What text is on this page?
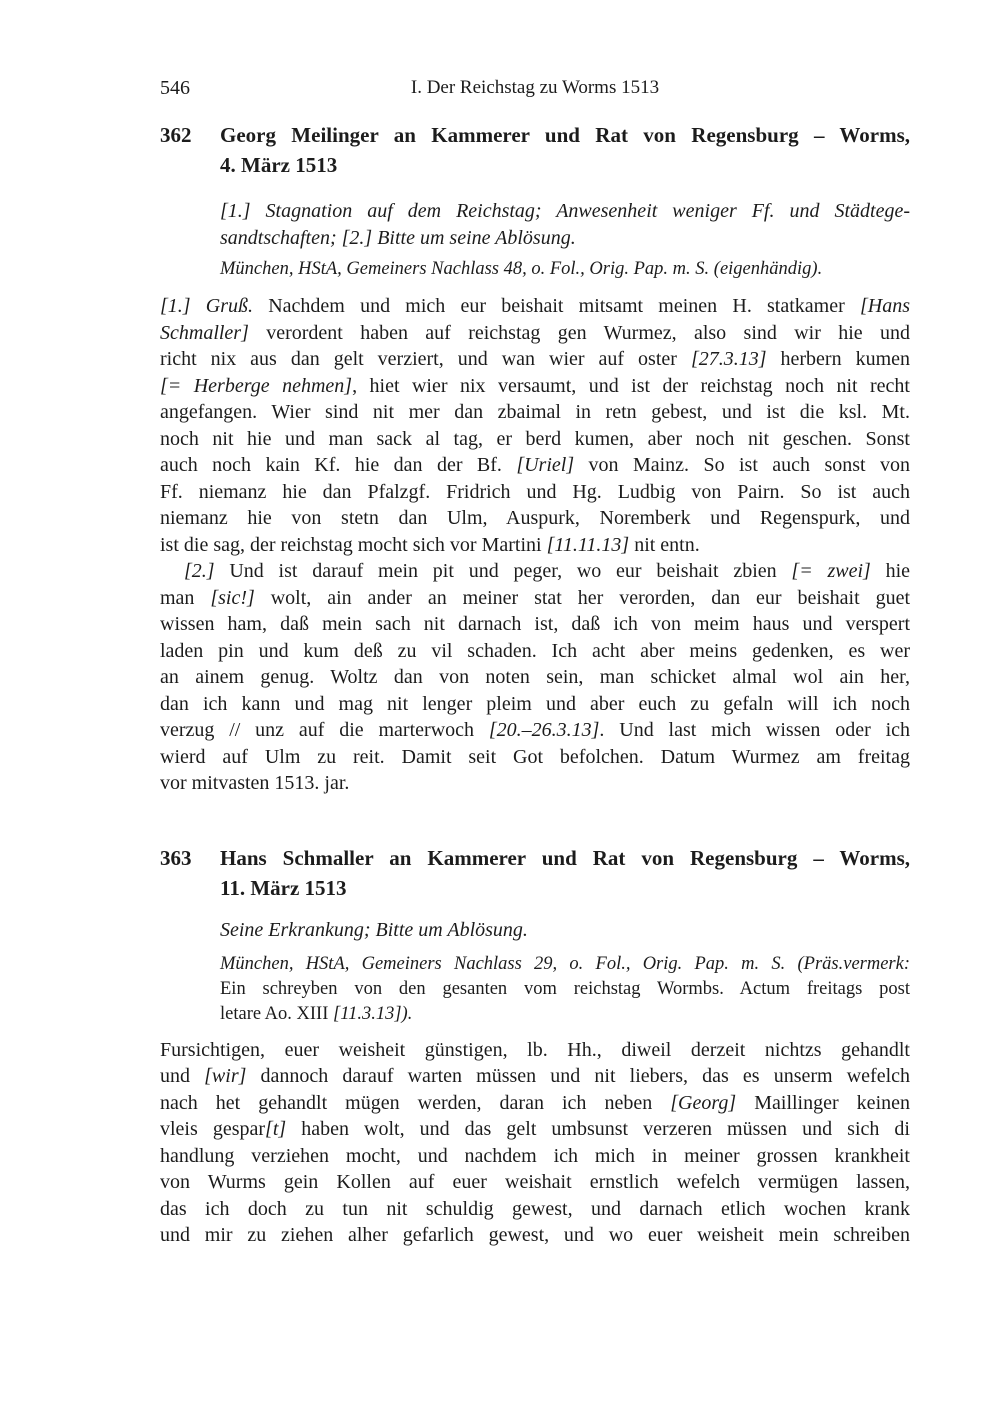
546	I. Der Reichstag zu Worms 1513
362	Georg Meilinger an Kammerer und Rat von Regensburg – Worms,
4. März 1513
[1.] Stagnation auf dem Reichstag; Anwesenheit weniger Ff. und Städtege-
sandtschaften; [2.] Bitte um seine Ablösung.
München, HStA, Gemeiners Nachlass 48, o. Fol., Orig. Pap. m. S. (eigenhändig).
[1.] Gruß. Nachdem und mich eur beishait mitsamt meinen H. statkamer [Hans
Schmaller] verordent haben auf reichstag gen Wurmez, also sind wir hie und
richt nix aus dan gelt verziert, und wan wier auf oster [27.3.13] herbern kumen
[= Herberge nehmen], hiet wier nix versaumt, und ist der reichstag noch nit recht
angefangen. Wier sind nit mer dan zbaimal in retn gebest, und ist die ksl. Mt.
noch nit hie und man sack al tag, er berd kumen, aber noch nit geschen. Sonst
auch noch kain Kf. hie dan der Bf. [Uriel] von Mainz. So ist auch sonst von
Ff. niemanz hie dan Pfalzgf. Fridrich und Hg. Ludbig von Pairn. So ist auch
niemanz hie von stetn dan Ulm, Auspurk, Noremberk und Regenspurk, und
ist die sag, der reichstag mocht sich vor Martini [11.11.13] nit entn.
[2.] Und ist darauf mein pit und peger, wo eur beishait zbien [= zwei] hie
man [sic!] wolt, ain ander an meiner stat her verorden, dan eur beishait guet
wissen ham, daß mein sach nit darnach ist, daß ich von meim haus und verspert
laden pin und kum deß zu vil schaden. Ich acht aber meins gedenken, es wer
an ainem genug. Woltz dan von noten sein, man schicket almal wol ain her,
dan ich kann und mag nit lenger pleim und aber euch zu gefaln will ich noch
verzug // unz auf die marterwoch [20.–26.3.13]. Und last mich wissen oder ich
wierd auf Ulm zu reit. Damit seit Got befolchen. Datum Wurmez am freitag
vor mitvasten 1513. jar.
363	Hans Schmaller an Kammerer und Rat von Regensburg – Worms,
11. März 1513
Seine Erkrankung; Bitte um Ablösung.
München, HStA, Gemeiners Nachlass 29, o. Fol., Orig. Pap. m. S. (Präs.vermerk:
Ein schreyben von den gesanten vom reichstag Wormbs. Actum freitags post
letare Ao. XIII [11.3.13]).
Fursichtigen, euer weisheit günstigen, lb. Hh., diweil derzeit nichtzs gehandlt
und [wir] dannoch darauf warten müssen und nit liebers, das es unserm wefelch
nach het gehandlt mügen werden, daran ich neben [Georg] Maillinger keinen
vleis gespar[t] haben wolt, und das gelt umbsunst verzeren müssen und sich di
handlung verziehen mocht, und nachdem ich mich in meiner grossen krankheit
von Wurms gein Kollen auf euer weishait ernstlich wefelch vermügen lassen,
das ich doch zu tun nit schuldig gewest, und darnach etlich wochen krank
und mir zu ziehen alher gefarlich gewest, und wo euer weisheit mein schreiben
